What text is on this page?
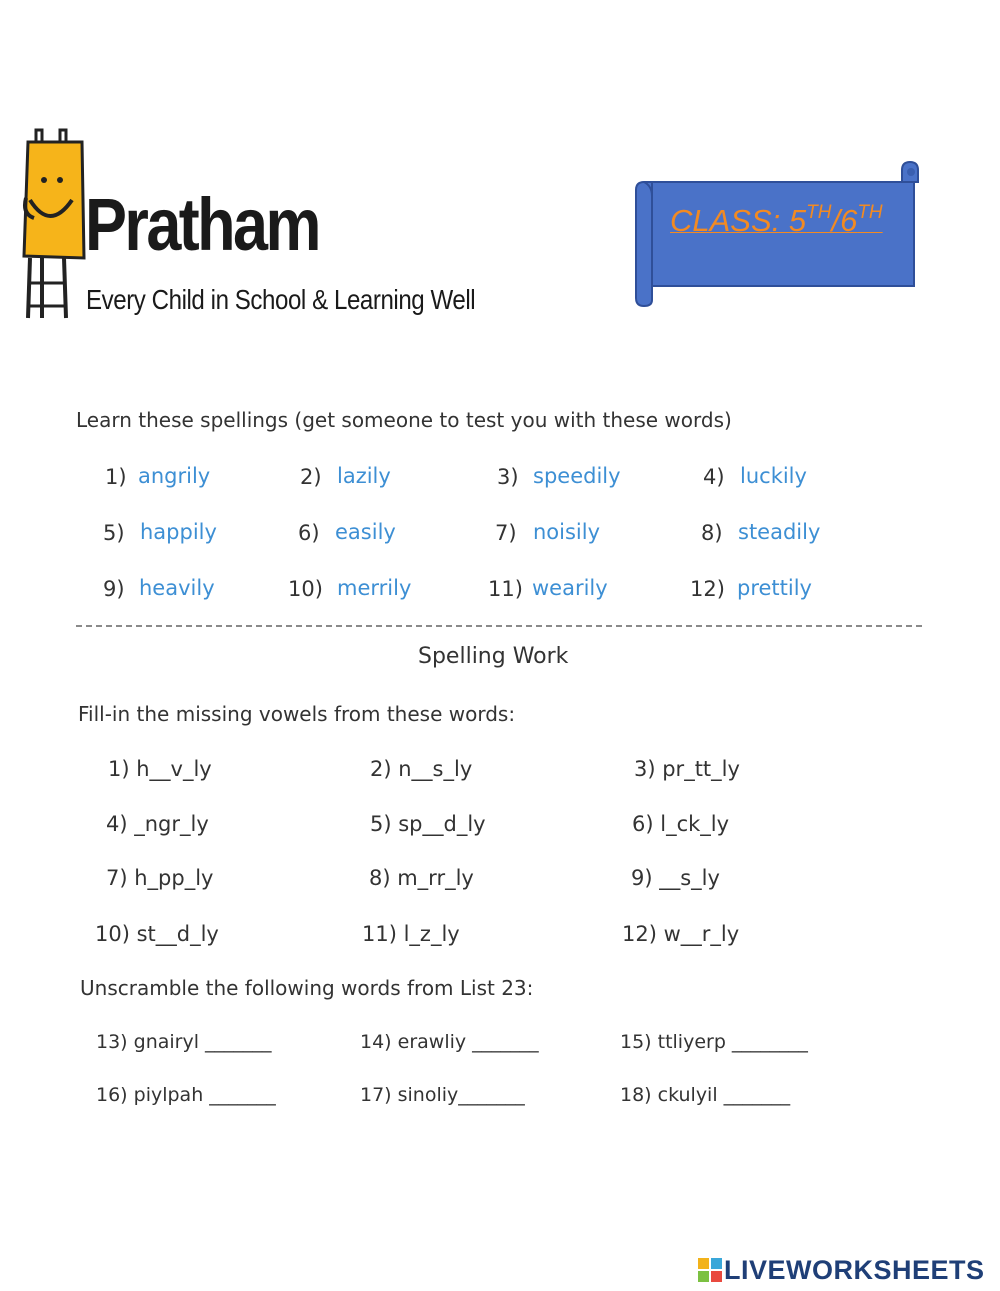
Pratham
Every Child in School & Learning Well
CLASS: 5TH/6TH
Learn these spellings (get someone to test you with these words)
1) angrily	2) lazily	3) speedily	4) luckily
5) happily	6) easily	7) noisily	8) steadily
9) heavily	10) merrily	11) wearily	12) prettily
Spelling Work
Fill-in the missing vowels from these words:
1) h__v_ly	2) n__s_ly	3) pr_tt_ly
4) _ngr_ly	5) sp__d_ly	6) l_ck_ly
7) h_pp_ly	8) m_rr_ly	9) __s_ly
10) st__d_ly	11) l_z_ly	12) w__r_ly
Unscramble the following words from List 23:
13) gnairyl _______	14) erawliy _______	15) ttliyerp ________
16) piylpah _______	17) sinoliy_______	18) ckulyil _______
LIVEWORKSHEETS
